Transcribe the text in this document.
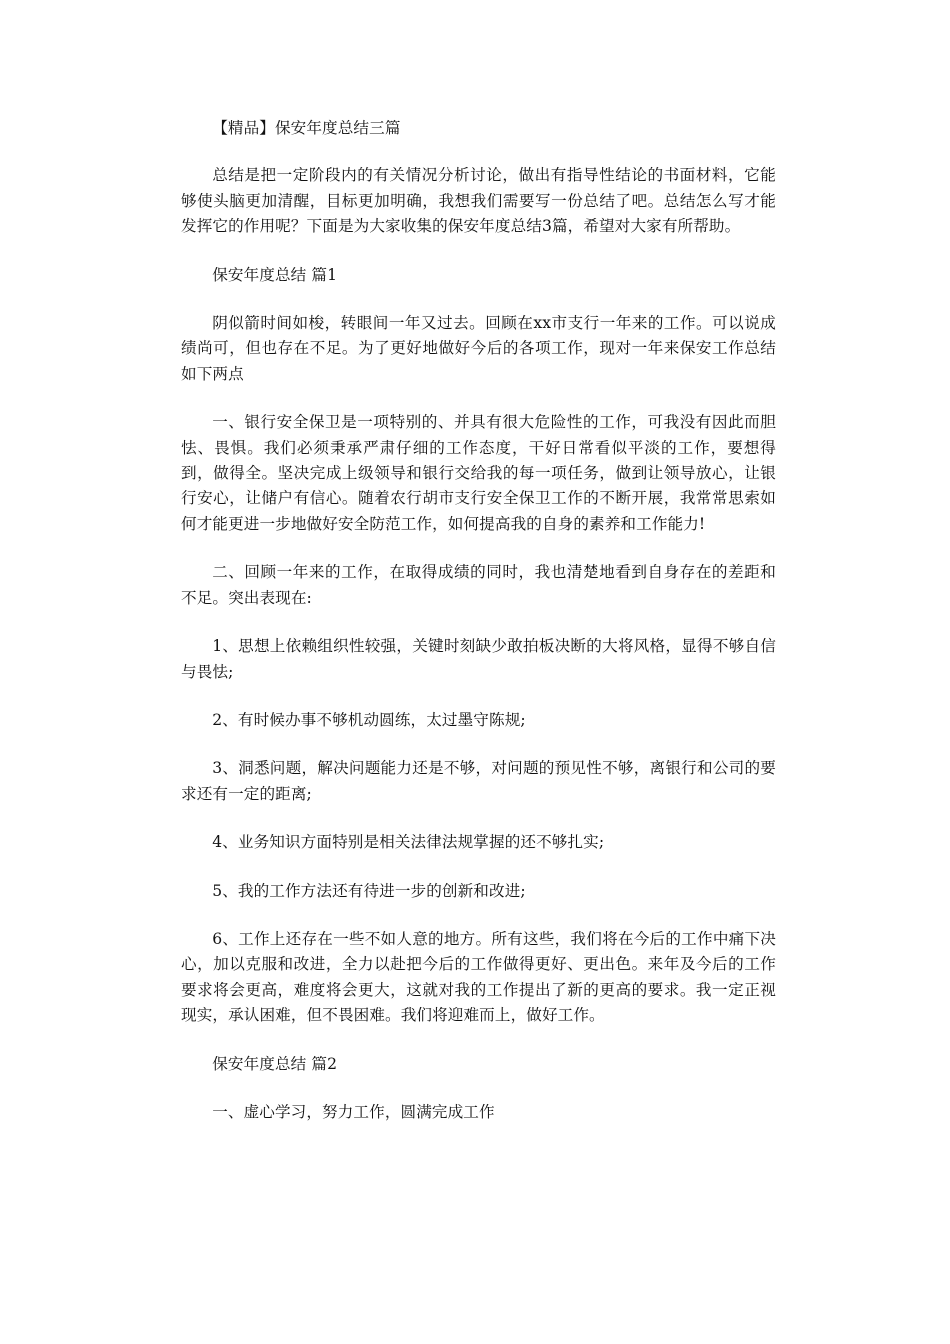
【精品】保安年度总结三篇

总结是把一定阶段内的有关情况分析讨论，做出有指导性结论的书面材料，它能够使头脑更加清醒，目标更加明确，我想我们需要写一份总结了吧。总结怎么写才能发挥它的作用呢？下面是为大家收集的保安年度总结3篇，希望对大家有所帮助。

保安年度总结 篇1

阴似箭时间如梭，转眼间一年又过去。回顾在xx市支行一年来的工作。可以说成绩尚可，但也存在不足。为了更好地做好今后的各项工作，现对一年来保安工作总结如下两点

一、银行安全保卫是一项特别的、并具有很大危险性的工作，可我没有因此而胆怯、畏惧。我们必须秉承严肃仔细的工作态度，干好日常看似平淡的工作，要想得到，做得全。坚决完成上级领导和银行交给我的每一项任务，做到让领导放心，让银行安心，让储户有信心。随着农行胡市支行安全保卫工作的不断开展，我常常思索如何才能更进一步地做好安全防范工作，如何提高我的自身的素养和工作能力!

二、回顾一年来的工作，在取得成绩的同时，我也清楚地看到自身存在的差距和不足。突出表现在:

1、思想上依赖组织性较强，关键时刻缺少敢拍板决断的大将风格，显得不够自信与畏怯;

2、有时候办事不够机动圆练，太过墨守陈规;

3、洞悉问题，解决问题能力还是不够，对问题的预见性不够，离银行和公司的要求还有一定的距离;

4、业务知识方面特别是相关法律法规掌握的还不够扎实;

5、我的工作方法还有待进一步的创新和改进;

6、工作上还存在一些不如人意的地方。所有这些，我们将在今后的工作中痛下决心，加以克服和改进，全力以赴把今后的工作做得更好、更出色。来年及今后的工作要求将会更高，难度将会更大，这就对我的工作提出了新的更高的要求。我一定正视现实，承认困难，但不畏困难。我们将迎难而上，做好工作。

保安年度总结 篇2

一、虚心学习，努力工作，圆满完成工作
